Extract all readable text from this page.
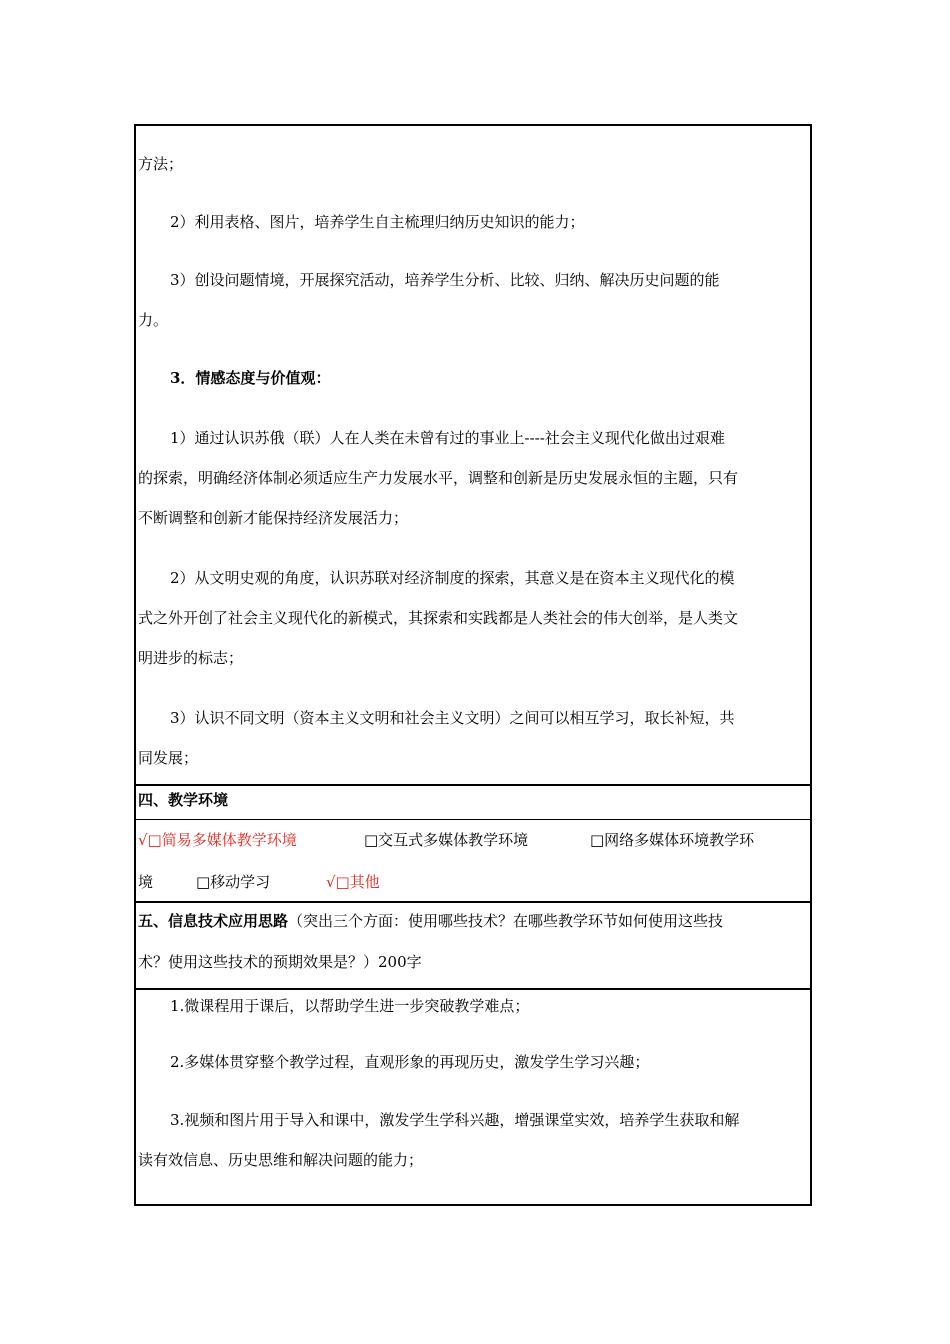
方法；
2）利用表格、图片，培养学生自主梳理归纳历史知识的能力；
3）创设问题情境，开展探究活动，培养学生分析、比较、归纳、解决历史问题的能
力。
3．情感态度与价值观：
1）通过认识苏俄（联）人在人类在未曾有过的事业上----社会主义现代化做出过艰难
的探索，明确经济体制必须适应生产力发展水平，调整和创新是历史发展永恒的主题，只有
不断调整和创新才能保持经济发展活力；
2）从文明史观的角度，认识苏联对经济制度的探索，其意义是在资本主义现代化的模
式之外开创了社会主义现代化的新模式，其探索和实践都是人类社会的伟大创举，是人类文
明进步的标志；
3）认识不同文明（资本主义文明和社会主义文明）之间可以相互学习，取长补短，共
同发展；
四、教学环境
√□简易多媒体教学环境	□交互式多媒体教学环境	□网络多媒体环境教学环
境	□移动学习	√□其他
五、信息技术应用思路（突出三个方面：使用哪些技术？在哪些教学环节如何使用这些技
术？使用这些技术的预期效果是？）200字
1.微课程用于课后，以帮助学生进一步突破教学难点；
2.多媒体贯穿整个教学过程，直观形象的再现历史，激发学生学习兴趣；
3.视频和图片用于导入和课中，激发学生学科兴趣，增强课堂实效，培养学生获取和解
读有效信息、历史思维和解决问题的能力；
